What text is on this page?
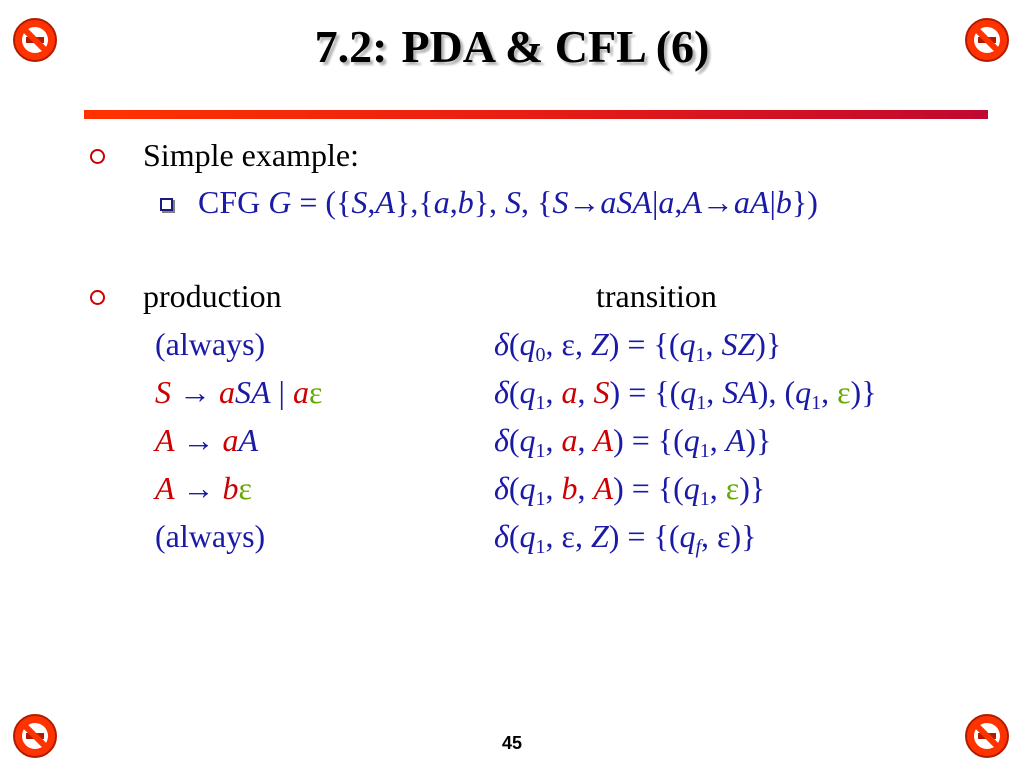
7.2: PDA & CFL (6)
Simple example:
CFG G = ({S,A},{a,b}, S, {S→aSA|a,A→aA|b})
production	transition
(always)	$\delta(q_0$, ε, $Z) = \{(q_1$, SZ)}
S → aSA | aε	$\delta(q_1$, a, $S) = \{(q_1$, SA), ($q_1$, ε)}
A → aA	$\delta(q_1$, a, $A) = \{(q_1$, A)}
A → bε	$\delta(q_1$, b, $A) = \{(q_1$, ε)}
(always)	$\delta(q_1$, ε, $Z) = \{(q_f$, ε)}
45
